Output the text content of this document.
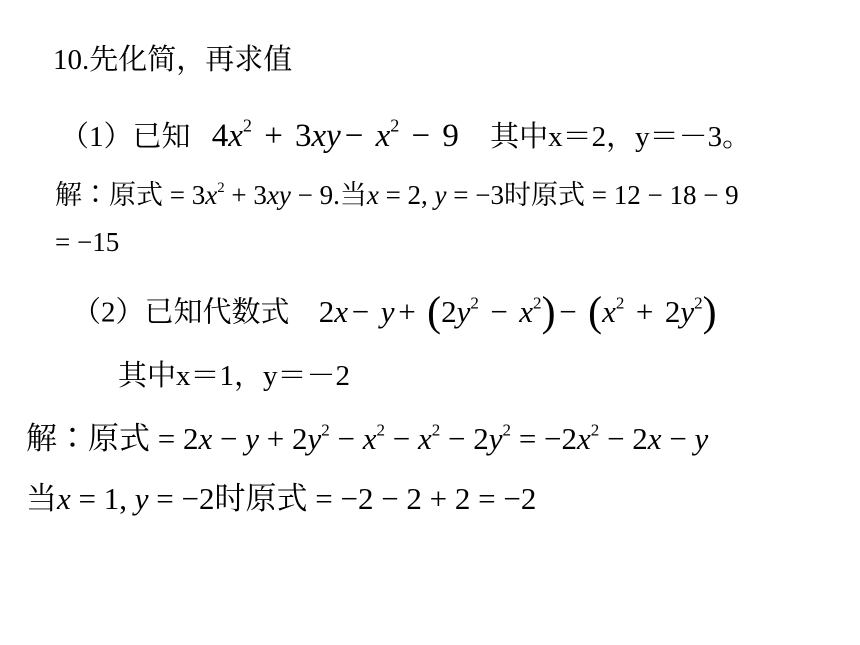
10.先化简，再求值
（1）已知 $4x^2 + 3xy - x^2 - 9$ 其中x＝2，y＝－3。
解∶原式 = $3x^2 + 3xy - 9$.当x = 2, y = −3时原式 = 12 − 18 − 9
= −15
（2）已知代数式 $2x - y + (2y^2 - x^2) - (x^2 + 2y^2)$
其中x＝1，y＝－2
解∶原式 = $2x - y + 2y^2 - x^2 - x^2 - 2y^2 = -2x^2 - 2x - y$
当x = 1, y = −2时原式 = −2 − 2 + 2 = −2
